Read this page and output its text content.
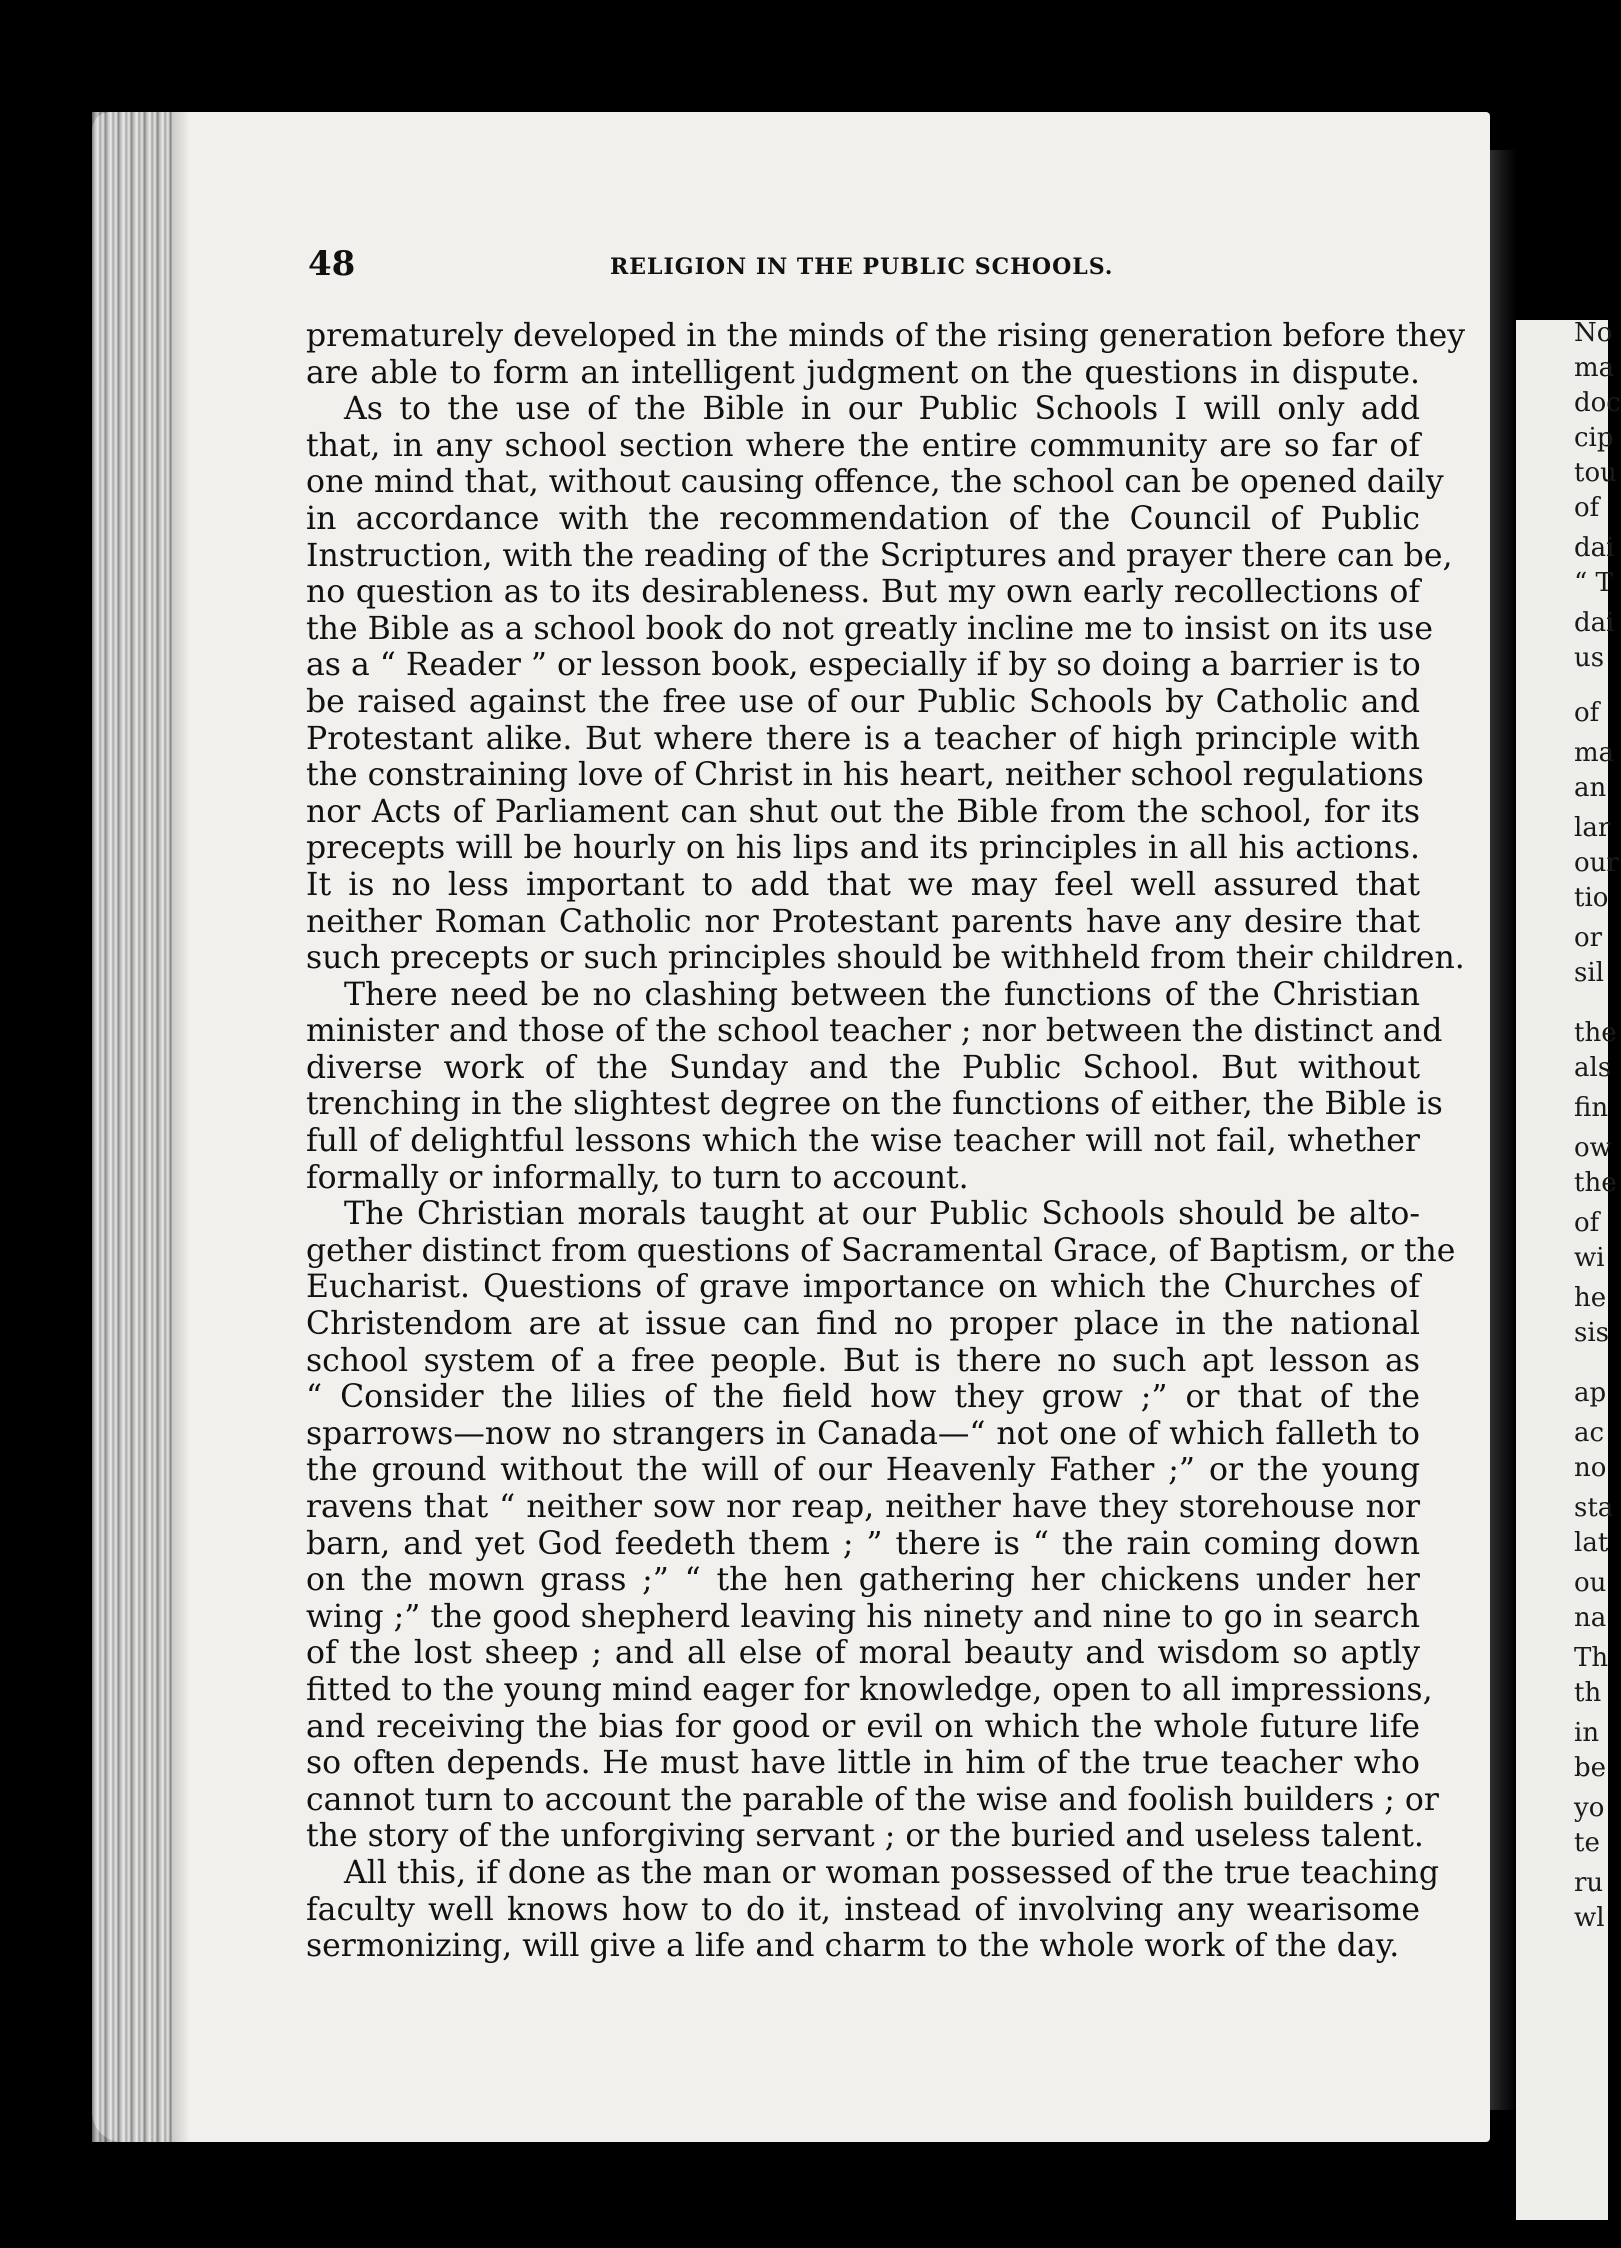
No
ma
doc
cip
tou
of
dai
“ T
dai
us
of
ma
an
lar
our
tio
or
sil
the
als
fin
ow
the
of
wi
he
sis
ap
ac
no
sta
lat
ou
na
Th
th
in
be
yo
te
ru
wl
48	RELIGION IN THE PUBLIC SCHOOLS.
prematurely developed in the minds of the rising generation before they
are able to form an intelligent judgment on the questions in dispute.
As to the use of the Bible in our Public Schools I will only add
that, in any school section where the entire community are so far of
one mind that, without causing offence, the school can be opened daily
in accordance with the recommendation of the Council of Public
Instruction, with the reading of the Scriptures and prayer there can be,
no question as to its desirableness. But my own early recollections of
the Bible as a school book do not greatly incline me to insist on its use
as a “ Reader ” or lesson book, especially if by so doing a barrier is to
be raised against the free use of our Public Schools by Catholic and
Protestant alike. But where there is a teacher of high principle with
the constraining love of Christ in his heart, neither school regulations
nor Acts of Parliament can shut out the Bible from the school, for its
precepts will be hourly on his lips and its principles in all his actions.
It is no less important to add that we may feel well assured that
neither Roman Catholic nor Protestant parents have any desire that
such precepts or such principles should be withheld from their children.
There need be no clashing between the functions of the Christian
minister and those of the school teacher ; nor between the distinct and
diverse work of the Sunday and the Public School. But without
trenching in the slightest degree on the functions of either, the Bible is
full of delightful lessons which the wise teacher will not fail, whether
formally or informally, to turn to account.
The Christian morals taught at our Public Schools should be alto-
gether distinct from questions of Sacramental Grace, of Baptism, or the
Eucharist. Questions of grave importance on which the Churches of
Christendom are at issue can find no proper place in the national
school system of a free people. But is there no such apt lesson as
“ Consider the lilies of the field how they grow ;” or that of the
sparrows—now no strangers in Canada—“ not one of which falleth to
the ground without the will of our Heavenly Father ;” or the young
ravens that “ neither sow nor reap, neither have they storehouse nor
barn, and yet God feedeth them ; ” there is “ the rain coming down
on the mown grass ;” “ the hen gathering her chickens under her
wing ;” the good shepherd leaving his ninety and nine to go in search
of the lost sheep ; and all else of moral beauty and wisdom so aptly
fitted to the young mind eager for knowledge, open to all impressions,
and receiving the bias for good or evil on which the whole future life
so often depends. He must have little in him of the true teacher who
cannot turn to account the parable of the wise and foolish builders ; or
the story of the unforgiving servant ; or the buried and useless talent.
All this, if done as the man or woman possessed of the true teaching
faculty well knows how to do it, instead of involving any wearisome
sermonizing, will give a life and charm to the whole work of the day.
